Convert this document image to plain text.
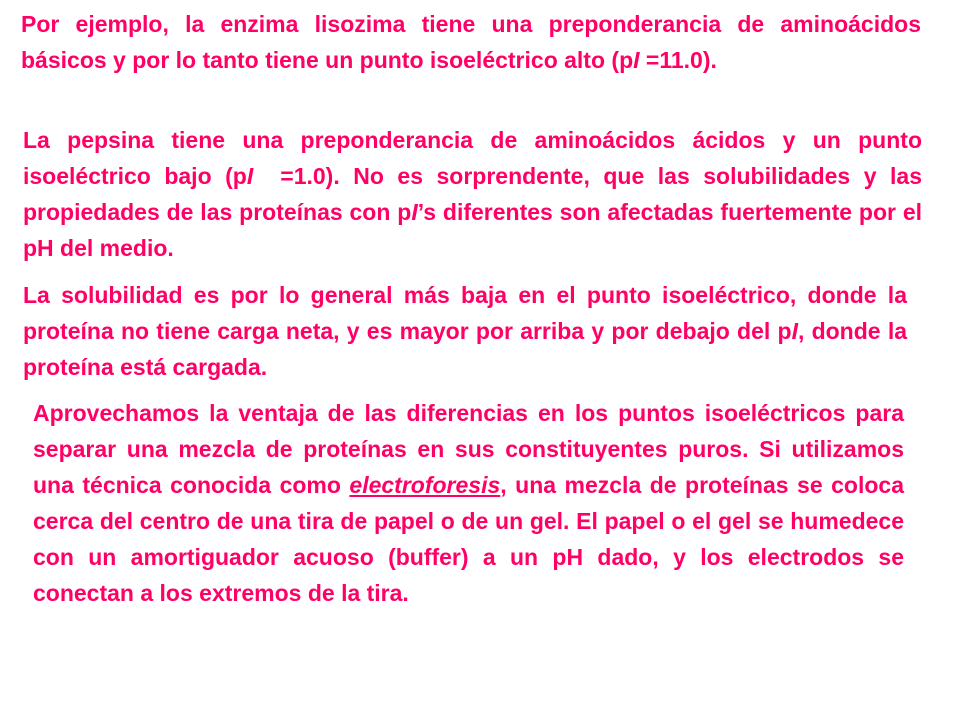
Por ejemplo, la enzima lisozima tiene una preponderancia de aminoácidos básicos y por lo tanto tiene un punto isoeléctrico alto (pI =11.0).

La pepsina tiene una preponderancia de aminoácidos ácidos y un punto isoeléctrico bajo (pI  =1.0). No es sorprendente, que las solubilidades y las propiedades de las proteínas con pI’s diferentes son afectadas fuertemente por el pH del medio.

La solubilidad es por lo general más baja en el punto isoeléctrico, donde la proteína no tiene carga neta, y es mayor por arriba y por debajo del pI, donde la proteína está cargada.

Aprovechamos la ventaja de las diferencias en los puntos isoeléctricos para separar una mezcla de proteínas en sus constituyentes puros. Si utilizamos una técnica conocida como electroforesis, una mezcla de proteínas se coloca cerca del centro de una tira de papel o de un gel. El papel o el gel se humedece con un amortiguador acuoso (buffer) a un pH dado, y los electrodos se conectan a los extremos de la tira.
